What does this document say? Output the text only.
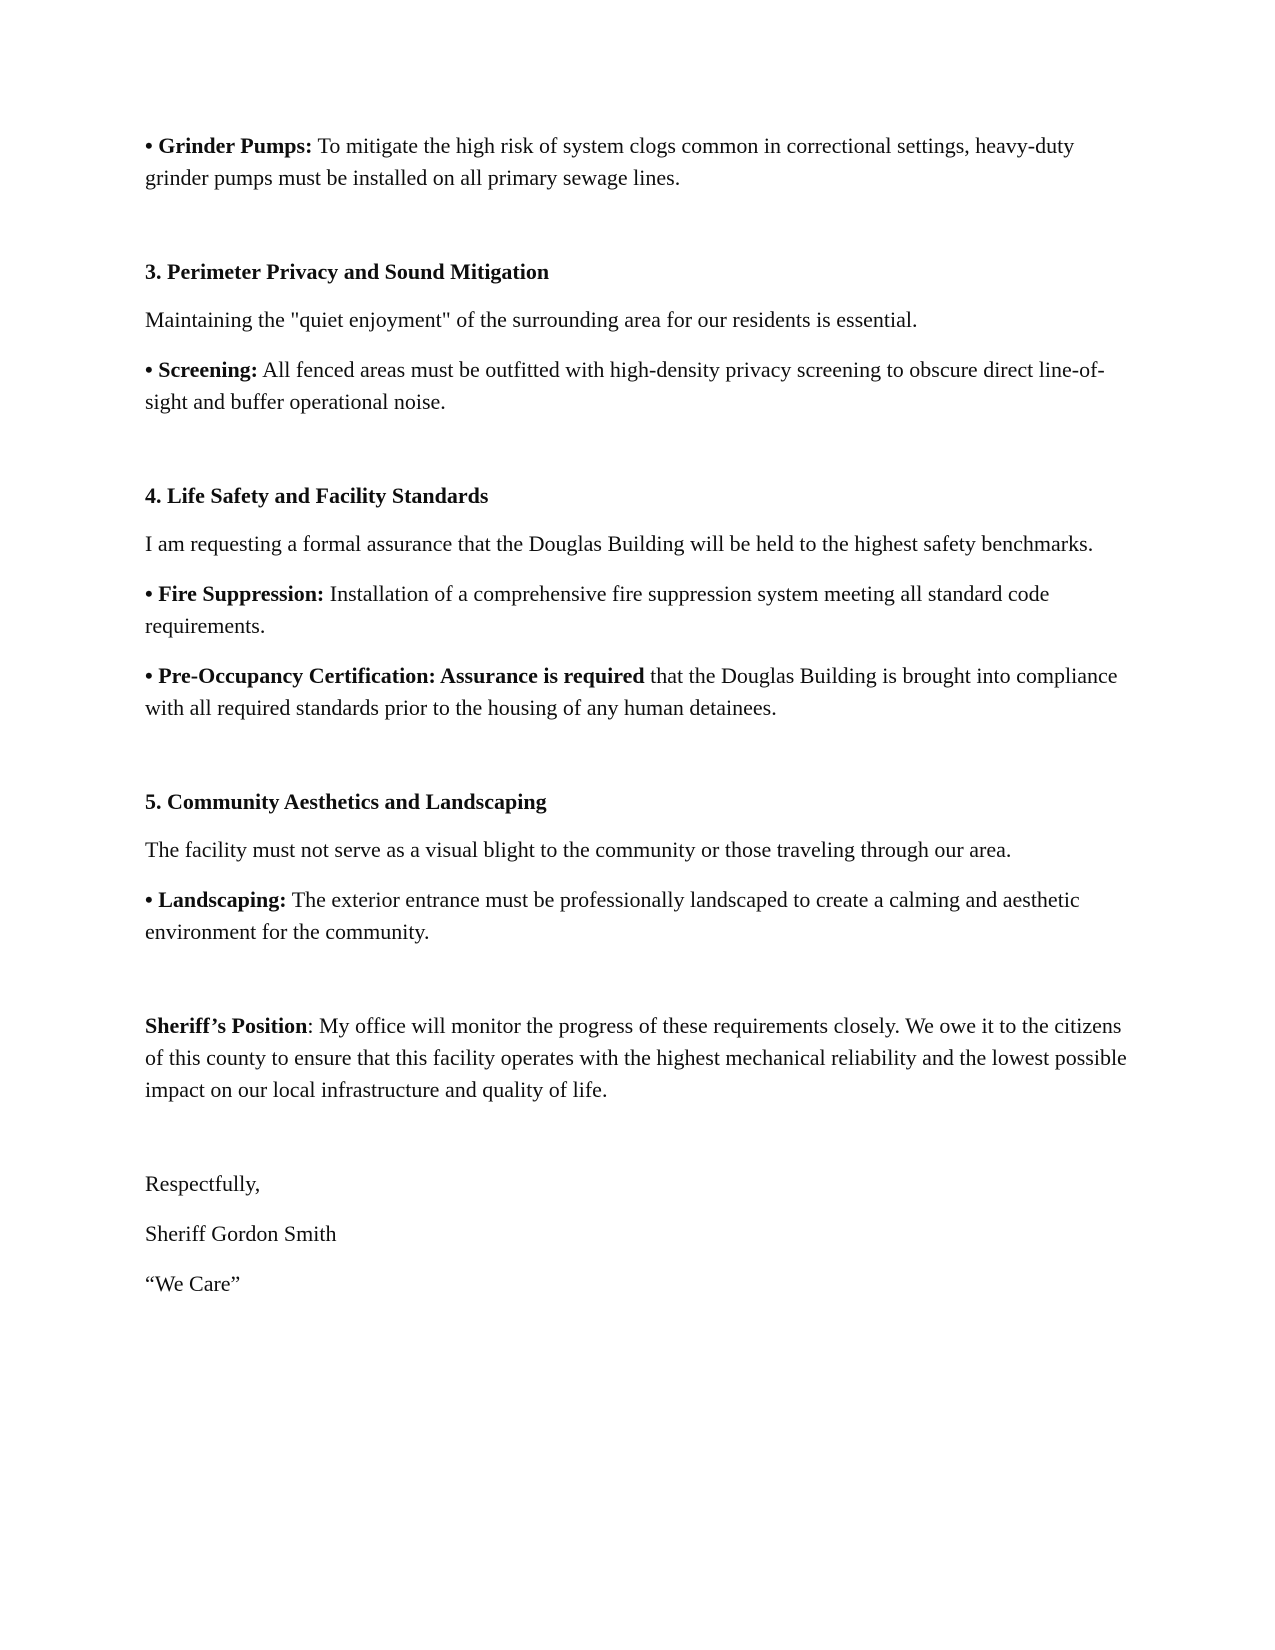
• Grinder Pumps: To mitigate the high risk of system clogs common in correctional settings, heavy-duty grinder pumps must be installed on all primary sewage lines.

3. Perimeter Privacy and Sound Mitigation

Maintaining the "quiet enjoyment" of the surrounding area for our residents is essential.

• Screening: All fenced areas must be outfitted with high-density privacy screening to obscure direct line-of-sight and buffer operational noise.

4. Life Safety and Facility Standards

I am requesting a formal assurance that the Douglas Building will be held to the highest safety benchmarks.

• Fire Suppression: Installation of a comprehensive fire suppression system meeting all standard code requirements.

• Pre-Occupancy Certification: Assurance is required that the Douglas Building is brought into compliance with all required standards prior to the housing of any human detainees.

5. Community Aesthetics and Landscaping

The facility must not serve as a visual blight to the community or those traveling through our area.

• Landscaping: The exterior entrance must be professionally landscaped to create a calming and aesthetic environment for the community.

Sheriff’s Position: My office will monitor the progress of these requirements closely. We owe it to the citizens of this county to ensure that this facility operates with the highest mechanical reliability and the lowest possible impact on our local infrastructure and quality of life.

Respectfully,

Sheriff Gordon Smith

“We Care”
